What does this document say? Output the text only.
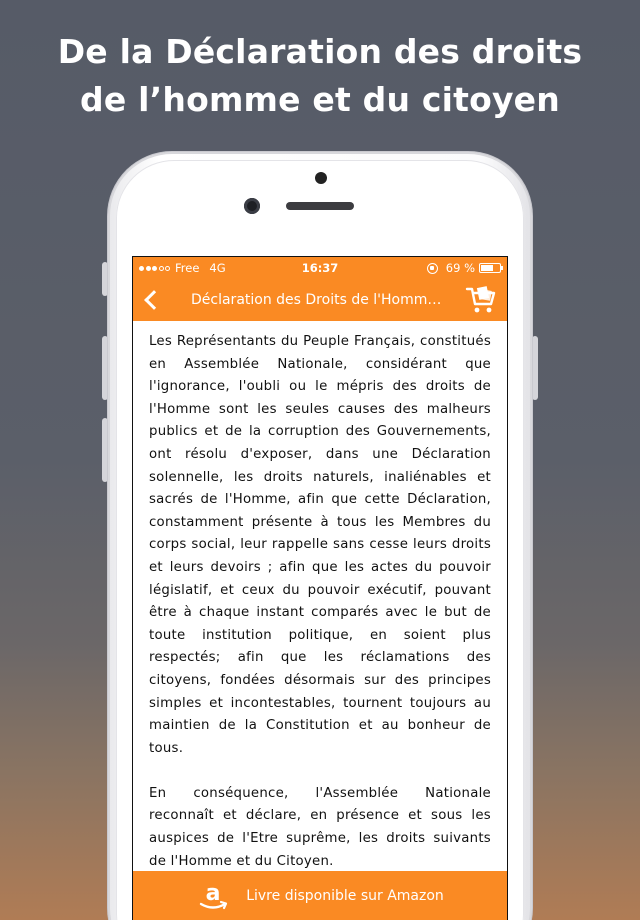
De la Déclaration des droits
de l’homme et du citoyen
Free 4G	16:37	69 %
Déclaration des Droits de l'Homme...

Les Représentants du Peuple Français, constitués en Assemblée Nationale, considérant que l'ignorance, l'oubli ou le mépris des droits de l'Homme sont les seules causes des malheurs publics et de la corruption des Gouvernements, ont résolu d'exposer, dans une Déclaration solennelle, les droits naturels, inaliénables et sacrés de l'Homme, afin que cette Déclaration, constamment présente à tous les Membres du corps social, leur rappelle sans cesse leurs droits et leurs devoirs ; afin que les actes du pouvoir législatif, et ceux du pouvoir exécutif, pouvant être à chaque instant comparés avec le but de toute institution politique, en soient plus respectés; afin que les réclamations des citoyens, fondées désormais sur des principes simples et incontestables, tournent toujours au maintien de la Constitution et au bonheur de tous.

En conséquence, l'Assemblée Nationale reconnaît et déclare, en présence et sous les auspices de l'Etre suprême, les droits suivants de l'Homme et du Citoyen.

a Livre disponible sur Amazon
